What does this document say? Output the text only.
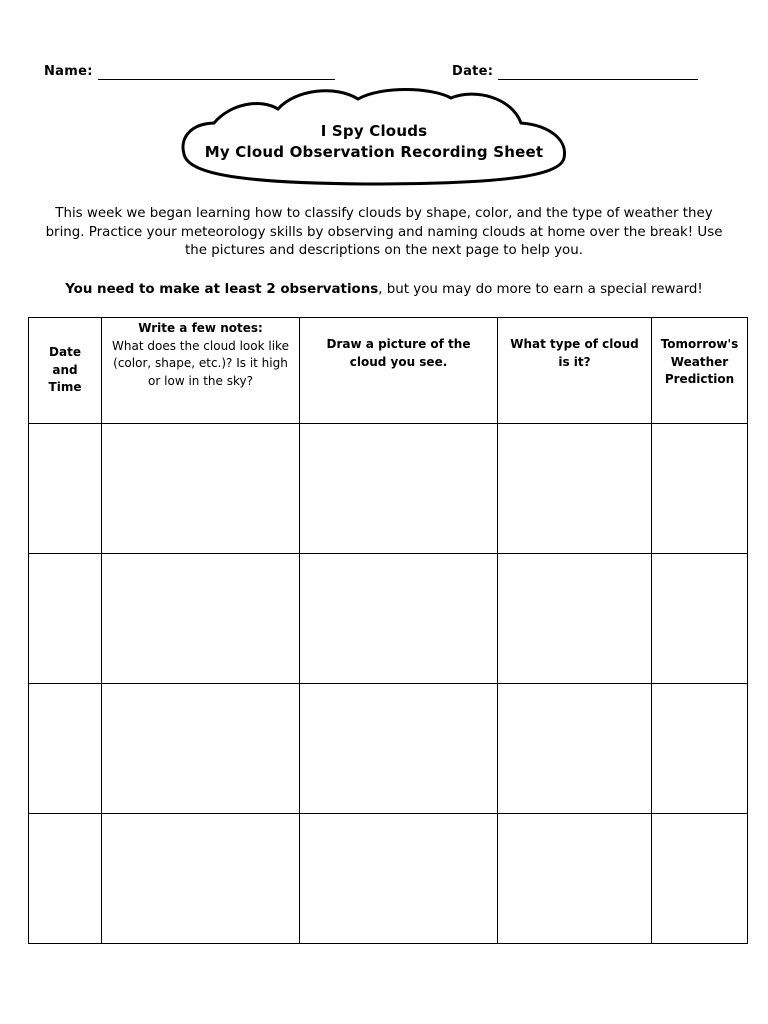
Name:	Date:
I Spy Clouds
My Cloud Observation Recording Sheet
This week we began learning how to classify clouds by shape, color, and the type of weather they bring. Practice your meteorology skills by observing and naming clouds at home over the break! Use the pictures and descriptions on the next page to help you.
You need to make at least 2 observations, but you may do more to earn a special reward!
Date and Time	Write a few notes:
What does the cloud look like (color, shape, etc.)? Is it high or low in the sky?	Draw a picture of the cloud you see.	What type of cloud is it?	Tomorrow's Weather Prediction
